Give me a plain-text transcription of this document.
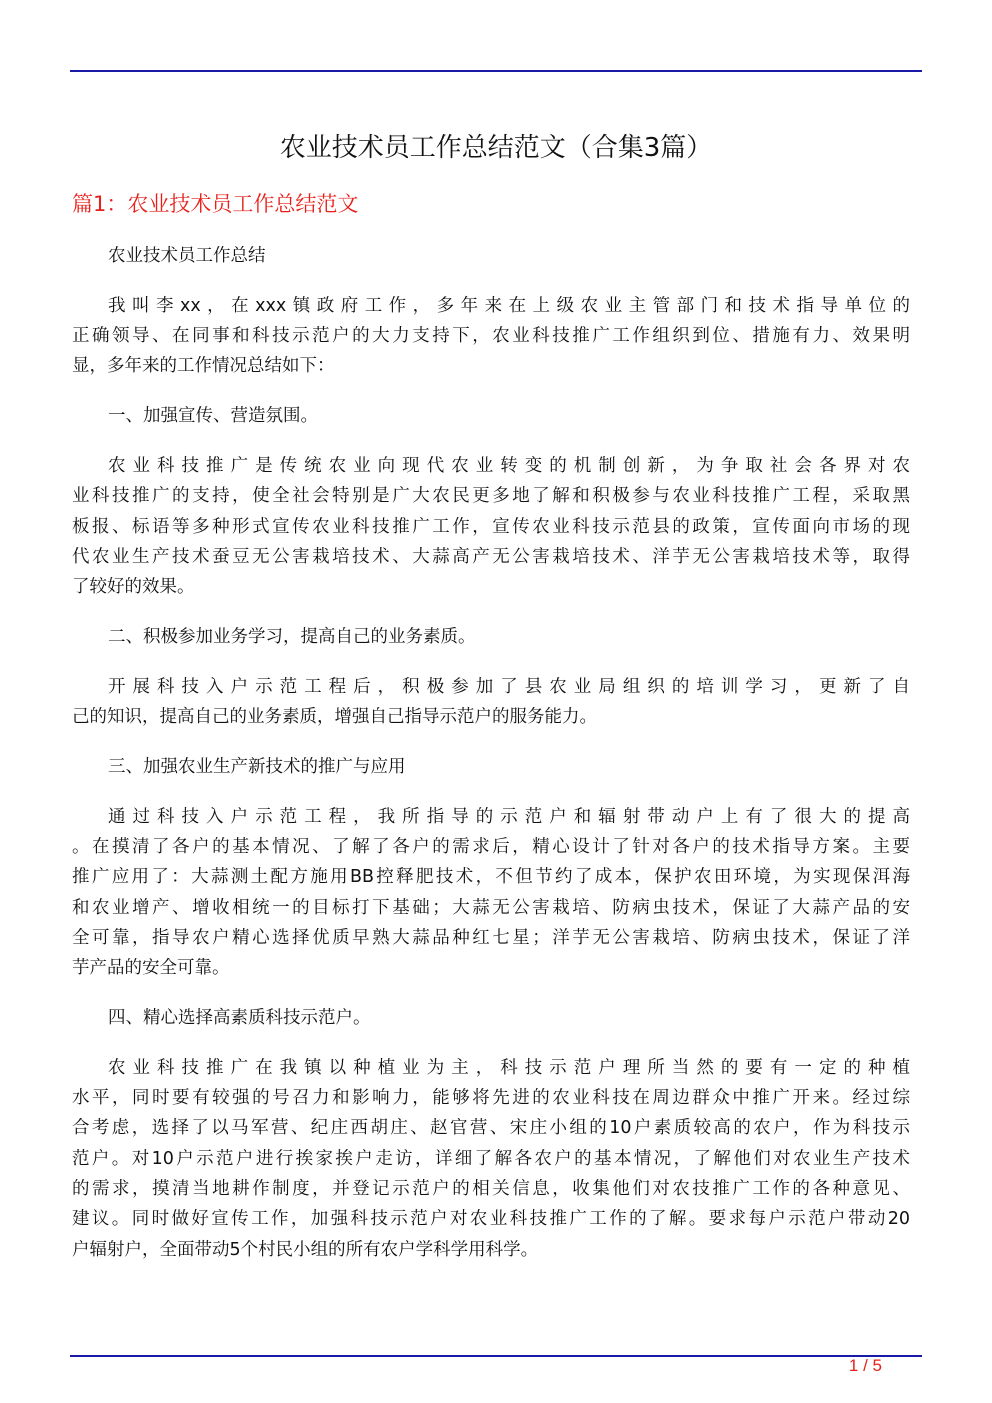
农业技术员工作总结范文（合集3篇）
篇1：农业技术员工作总结范文
农业技术员工作总结
我叫李xx，在xxx镇政府工作，多年来在上级农业主管部门和技术指导单位的
正确领导、在同事和科技示范户的大力支持下，农业科技推广工作组织到位、措施有力、效果明
显，多年来的工作情况总结如下：
一、加强宣传、营造氛围。
农业科技推广是传统农业向现代农业转变的机制创新，为争取社会各界对农
业科技推广的支持，使全社会特别是广大农民更多地了解和积极参与农业科技推广工程，采取黑
板报、标语等多种形式宣传农业科技推广工作，宣传农业科技示范县的政策，宣传面向市场的现
代农业生产技术蚕豆无公害栽培技术、大蒜高产无公害栽培技术、洋芋无公害栽培技术等，取得
了较好的效果。
二、积极参加业务学习，提高自己的业务素质。
开展科技入户示范工程后，积极参加了县农业局组织的培训学习，更新了自
己的知识，提高自己的业务素质，增强自己指导示范户的服务能力。
三、加强农业生产新技术的推广与应用
通过科技入户示范工程，我所指导的示范户和辐射带动户上有了很大的提高
。在摸清了各户的基本情况、了解了各户的需求后，精心设计了针对各户的技术指导方案。主要
推广应用了：大蒜测土配方施用BB控释肥技术，不但节约了成本，保护农田环境，为实现保洱海
和农业增产、增收相统一的目标打下基础；大蒜无公害栽培、防病虫技术，保证了大蒜产品的安
全可靠，指导农户精心选择优质早熟大蒜品种红七星；洋芋无公害栽培、防病虫技术，保证了洋
芋产品的安全可靠。
四、精心选择高素质科技示范户。
农业科技推广在我镇以种植业为主，科技示范户理所当然的要有一定的种植
水平，同时要有较强的号召力和影响力，能够将先进的农业科技在周边群众中推广开来。经过综
合考虑，选择了以马军营、纪庄西胡庄、赵官营、宋庄小组的10户素质较高的农户，作为科技示
范户。对10户示范户进行挨家挨户走访，详细了解各农户的基本情况，了解他们对农业生产技术
的需求，摸清当地耕作制度，并登记示范户的相关信息，收集他们对农技推广工作的各种意见、
建议。同时做好宣传工作，加强科技示范户对农业科技推广工作的了解。要求每户示范户带动20
户辐射户，全面带动5个村民小组的所有农户学科学用科学。
1 / 5
